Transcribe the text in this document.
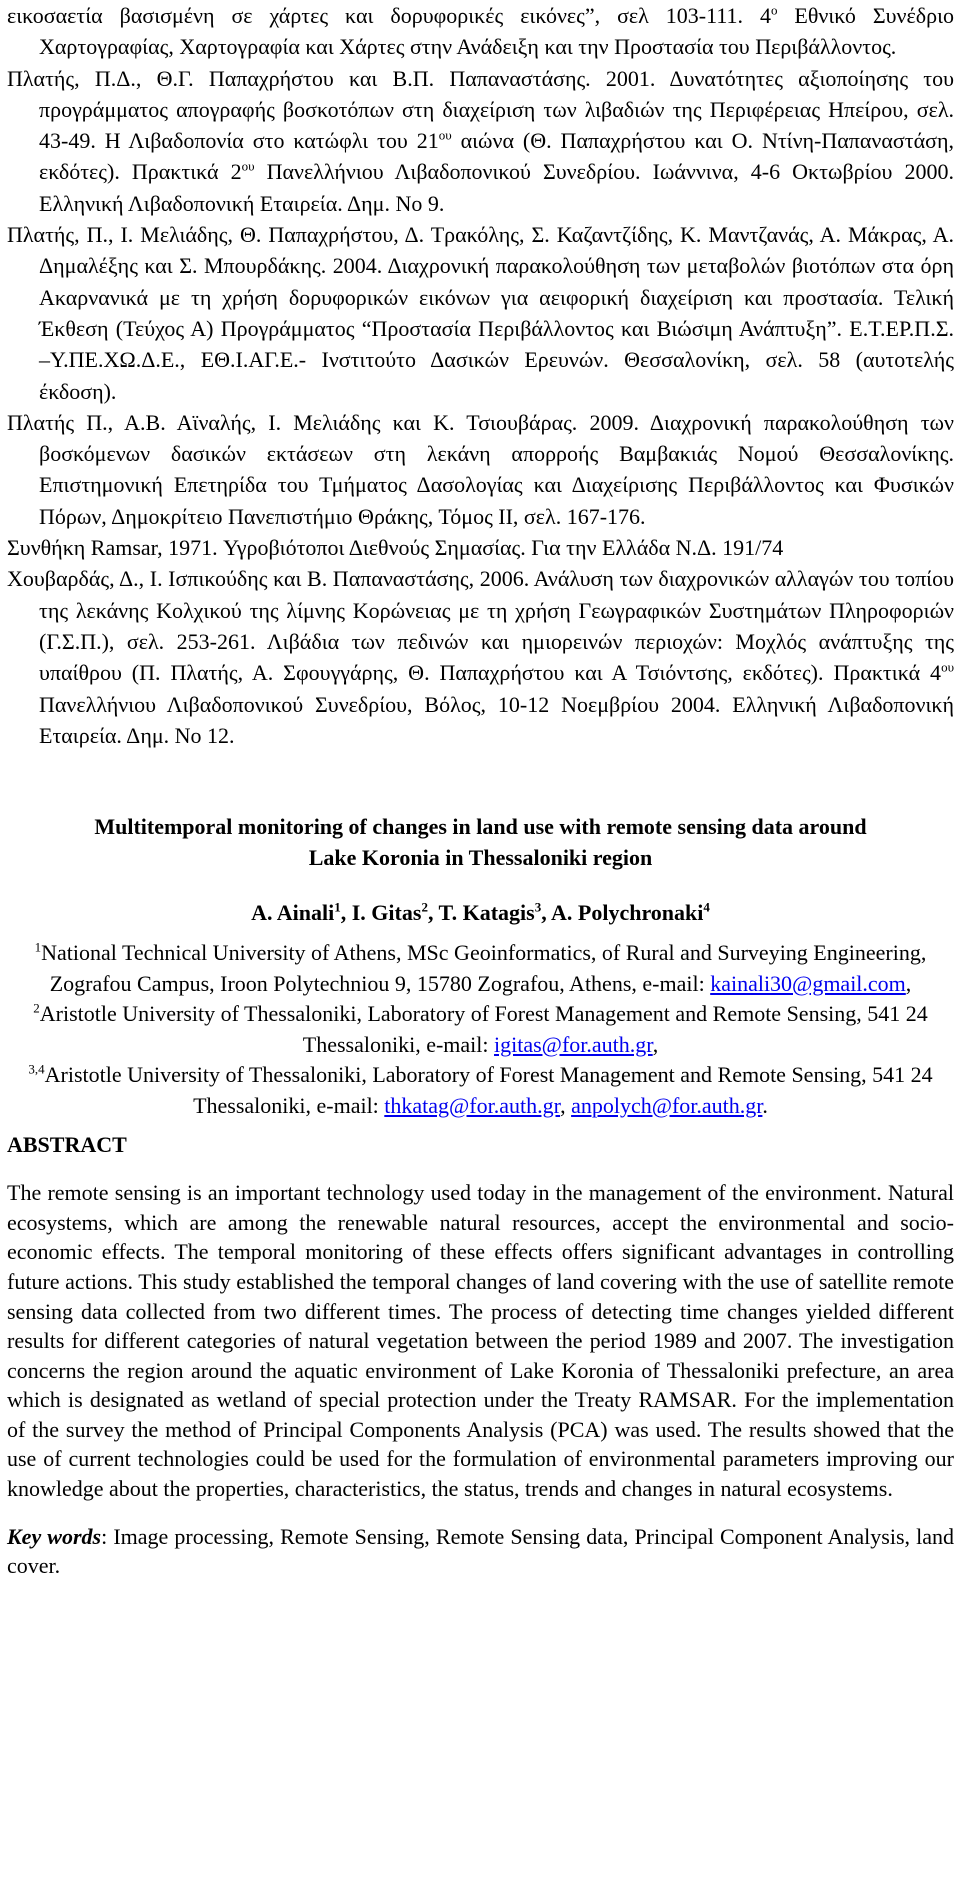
εικοσαετία βασισμένη σε χάρτες και δορυφορικές εικόνες”, σελ 103-111. $4^o$ Εθνικό Συνέδριο Χαρτογραφίας, Χαρτογραφία και Χάρτες στην Ανάδειξη και την Προστασία του Περιβάλλοντος.

Πλατής, Π.Δ., Θ.Γ. Παπαχρήστου και Β.Π. Παπαναστάσης. 2001. Δυνατότητες αξιοποίησης του προγράμματος απογραφής βοσκοτόπων στη διαχείριση των λιβαδιών της Περιφέρειας Ηπείρου, σελ. 43-49. Η Λιβαδοπονία στο κατώφλι του $21^{o\upsilon}$ αιώνα (Θ. Παπαχρήστου και Ο. Ντίνη-Παπαναστάση, εκδότες). Πρακτικά $2^{o\upsilon}$ Πανελλήνιου Λιβαδοπονικού Συνεδρίου. Ιωάννινα, 4-6 Οκτωβρίου 2000. Ελληνική Λιβαδοπονική Εταιρεία. Δημ. Νο 9.

Πλατής, Π., Ι. Μελιάδης, Θ. Παπαχρήστου, Δ. Τρακόλης, Σ. Καζαντζίδης, Κ. Μαντζανάς, Α. Μάκρας, Α. Δημαλέξης και Σ. Μπουρδάκης. 2004. Διαχρονική παρακολούθηση των μεταβολών βιοτόπων στα όρη Ακαρνανικά με τη χρήση δορυφορικών εικόνων για αειφορική διαχείριση και προστασία. Τελική Έκθεση (Τεύχος Α) Προγράμματος “Προστασία Περιβάλλοντος και Βιώσιμη Ανάπτυξη”. Ε.Τ.ΕΡ.Π.Σ. –Υ.ΠΕ.ΧΩ.Δ.Ε., ΕΘ.Ι.ΑΓ.Ε.- Ινστιτούτο Δασικών Ερευνών. Θεσσαλονίκη, σελ. 58 (αυτοτελής έκδοση).

Πλατής Π., Α.Β. Αϊναλής, Ι. Μελιάδης και Κ. Τσιουβάρας. 2009. Διαχρονική παρακολούθηση των βοσκόμενων δασικών εκτάσεων στη λεκάνη απορροής Βαμβακιάς Νομού Θεσσαλονίκης. Επιστημονική Επετηρίδα του Τμήματος Δασολογίας και Διαχείρισης Περιβάλλοντος και Φυσικών Πόρων, Δημοκρίτειο Πανεπιστήμιο Θράκης, Τόμος ΙΙ, σελ. 167-176.

Συνθήκη Ramsar, 1971. Υγροβιότοποι Διεθνούς Σημασίας. Για την Ελλάδα Ν.Δ. 191/74

Χουβαρδάς, Δ., Ι. Ισπικούδης και Β. Παπαναστάσης, 2006. Ανάλυση των διαχρονικών αλλαγών του τοπίου της λεκάνης Κολχικού της λίμνης Κορώνειας με τη χρήση Γεωγραφικών Συστημάτων Πληροφοριών (Γ.Σ.Π.), σελ. 253-261. Λιβάδια των πεδινών και ημιορεινών περιοχών: Μοχλός ανάπτυξης της υπαίθρου (Π. Πλατής, Α. Σφουγγάρης, Θ. Παπαχρήστου και Α Τσιόντσης, εκδότες). Πρακτικά $4^{o\upsilon}$ Πανελλήνιου Λιβαδοπονικού Συνεδρίου, Βόλος, 10-12 Νοεμβρίου 2004. Ελληνική Λιβαδοπονική Εταιρεία. Δημ. Νο 12.

Multitemporal monitoring of changes in land use with remote sensing data around
Lake Koronia in Thessaloniki region

A. Ainali$^1$, I. Gitas$^2$, T. Katagis$^3$, A. Polychronaki$^4$

$^1$National Technical University of Athens, MSc Geoinformatics, of Rural and Surveying Engineering, Zografou Campus, Iroon Polytechniou 9, 15780 Zografou, Athens, e-mail: kainali30@gmail.com, $^2$Aristotle University of Thessaloniki, Laboratory of Forest Management and Remote Sensing, 541 24 Thessaloniki, e-mail: igitas@for.auth.gr,
$^{3,4}$Aristotle University of Thessaloniki, Laboratory of Forest Management and Remote Sensing, 541 24 Thessaloniki, e-mail: thkatag@for.auth.gr, anpolych@for.auth.gr.

ABSTRACT

The remote sensing is an important technology used today in the management of the environment. Natural ecosystems, which are among the renewable natural resources, accept the environmental and socio-economic effects. The temporal monitoring of these effects offers significant advantages in controlling future actions. This study established the temporal changes of land covering with the use of satellite remote sensing data collected from two different times. The process of detecting time changes yielded different results for different categories of natural vegetation between the period 1989 and 2007. The investigation concerns the region around the aquatic environment of Lake Koronia of Thessaloniki prefecture, an area which is designated as wetland of special protection under the Treaty RAMSAR. For the implementation of the survey the method of Principal Components Analysis (PCA) was used. The results showed that the use of current technologies could be used for the formulation of environmental parameters improving our knowledge about the properties, characteristics, the status, trends and changes in natural ecosystems.

Key words: Image processing, Remote Sensing, Remote Sensing data, Principal Component Analysis, land cover.
